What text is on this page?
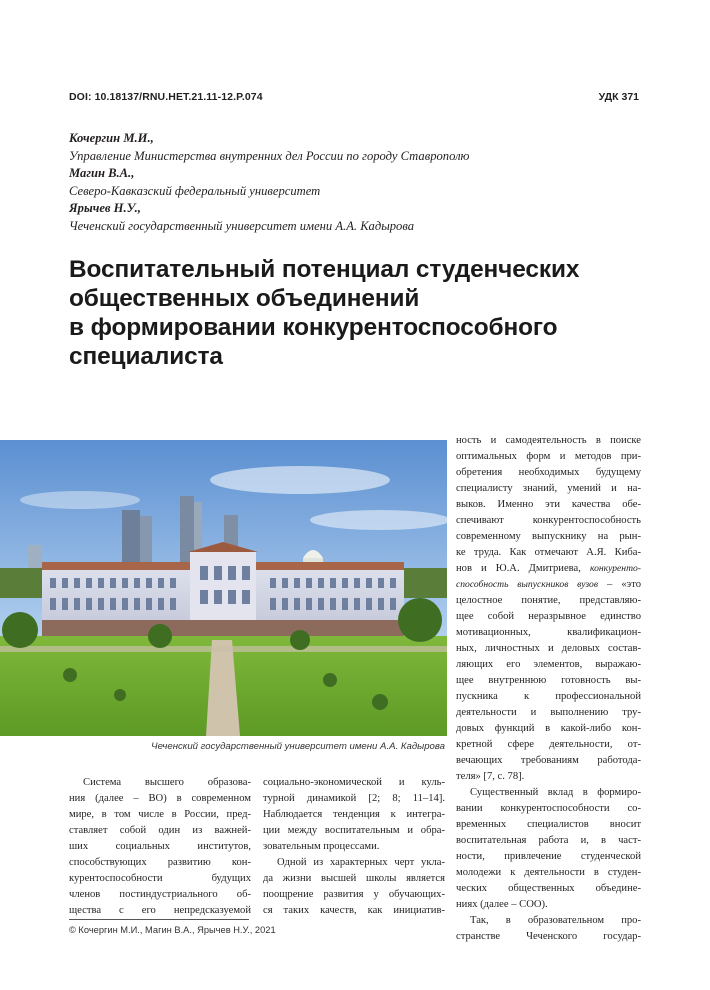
DOI: 10.18137/RNU.HET.21.11-12.P.074	УДК 371
Кочергин М.И.,
Управление Министерства внутренних дел России по городу Ставрополю
Магин В.А.,
Северо-Кавказский федеральный университет
Ярычев Н.У.,
Чеченский государственный университет имени А.А. Кадырова
Воспитательный потенциал студенческих
общественных объединений
в формировании конкурентоспособного
специалиста
Чеченский государственный университет имени А.А. Кадырова
Система высшего образова-
ния (далее – ВО) в современном
мире, в том числе в России, пред-
ставляет собой один из важней-
ших социальных институтов,
способствующих развитию кон-
курентоспособности будущих
членов постиндустриального об-
щества с его непредсказуемой
социально-экономической и куль-
турной динамикой [2; 8; 11–14].
Наблюдается тенденция к интегра-
ции между воспитательным и обра-
зовательным процессами.
Одной из характерных черт укла-
да жизни высшей школы является
поощрение развития у обучающих-
ся таких качеств, как инициатив-
ность и самодеятельность в поиске
оптимальных форм и методов при-
обретения необходимых будущему
специалисту знаний, умений и на-
выков. Именно эти качества обе-
спечивают конкурентоспособность
современному выпускнику на рын-
ке труда. Как отмечают А.Я. Киба-
нов и Ю.А. Дмитриева, конкуренто-
способность выпускников вузов – «это
целостное понятие, представляю-
щее собой неразрывное единство
мотивационных, квалификацион-
ных, личностных и деловых состав-
ляющих его элементов, выражаю-
щее внутреннюю готовность вы-
пускника к профессиональной
деятельности и выполнению тру-
довых функций в какой-либо кон-
кретной сфере деятельности, от-
вечающих требованиям работода-
теля» [7, с. 78].
Существенный вклад в формиро-
вании конкурентоспособности со-
временных специалистов вносит
воспитательная работа и, в част-
ности, привлечение студенческой
молодежи к деятельности в студен-
ческих общественных объедине-
ниях (далее – СОО).
Так, в образовательном про-
странстве Чеченского государ-
© Кочергин М.И., Магин В.А., Ярычев Н.У., 2021
